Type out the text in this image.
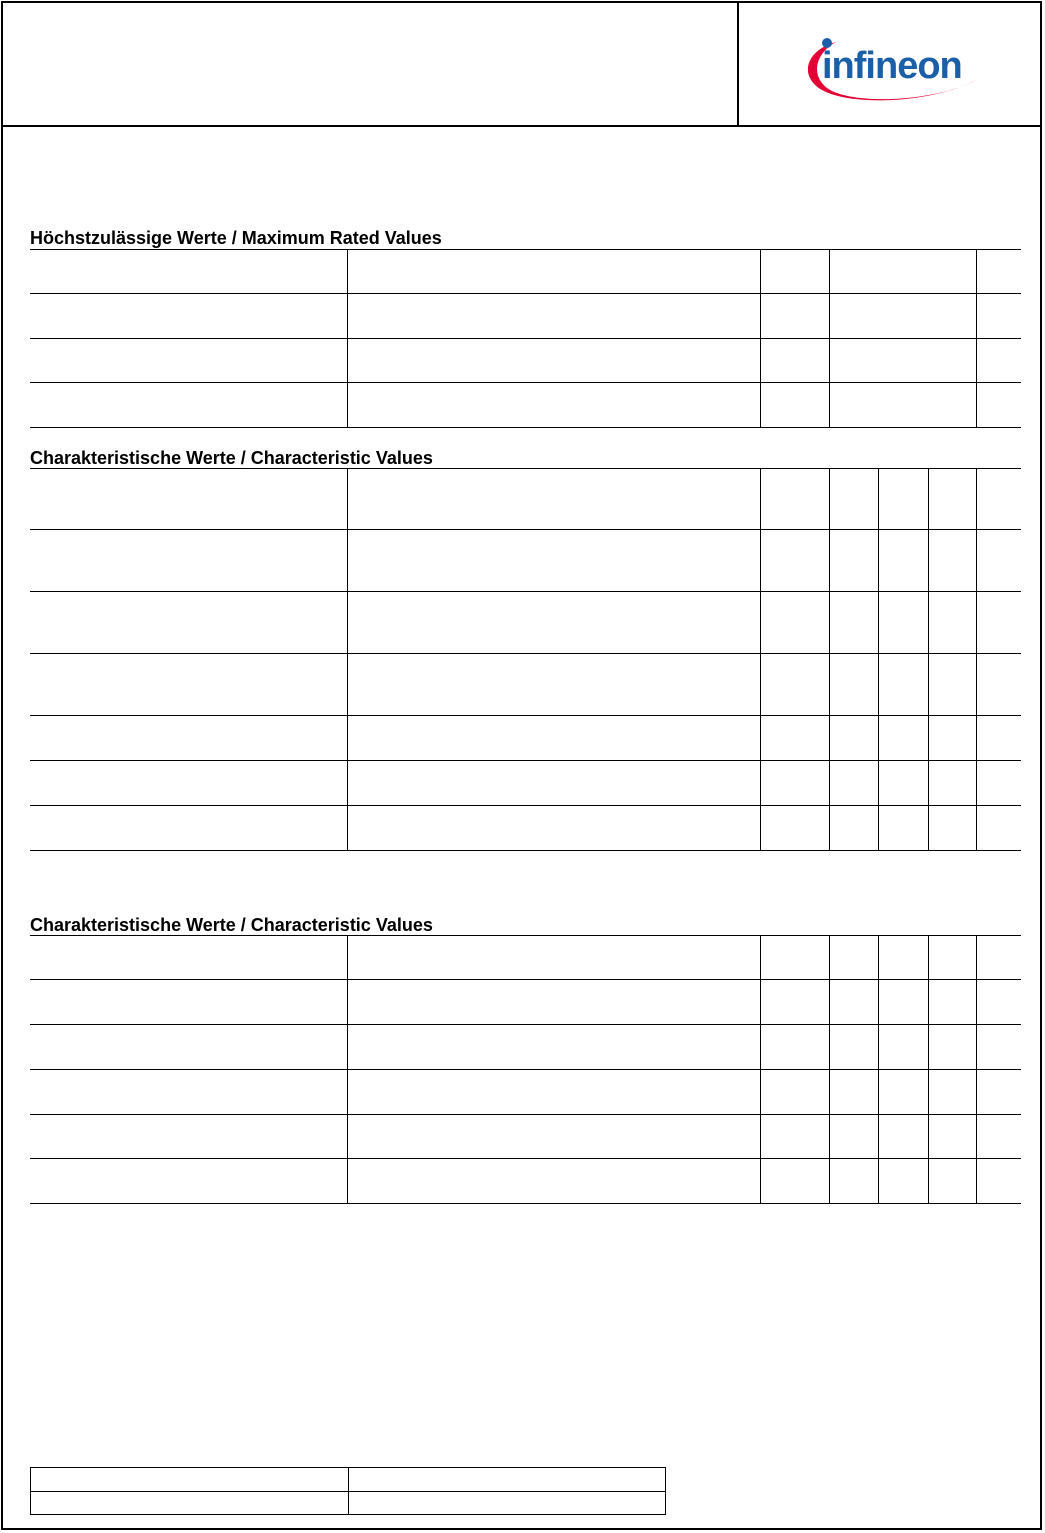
infineon
Höchstzulässige Werte / Maximum Rated Values
Charakteristische Werte / Characteristic Values
Charakteristische Werte / Characteristic Values
